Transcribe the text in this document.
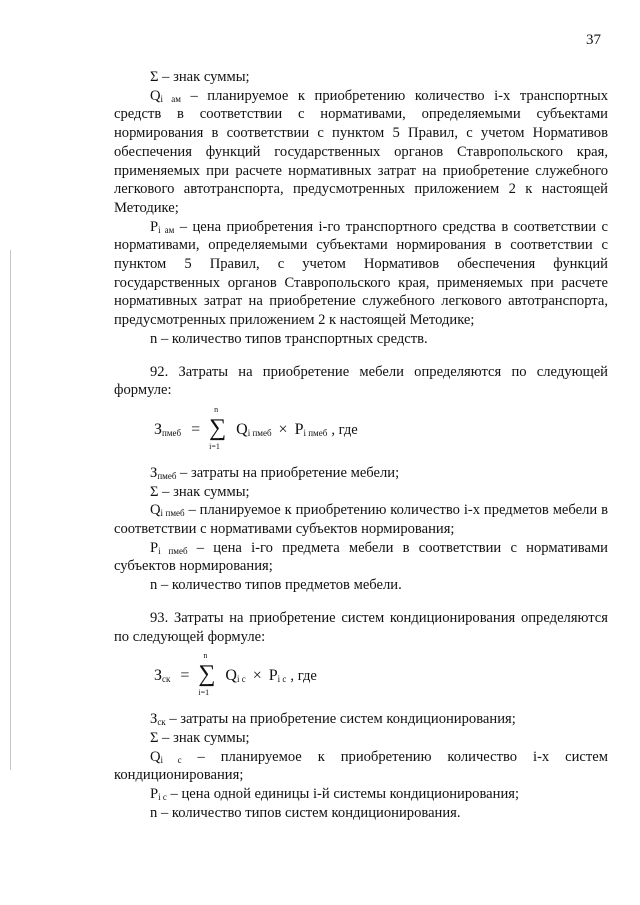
37

Σ – знак суммы;

$Q_{i ам}$ – планируемое к приобретению количество i-х транспортных средств в соответствии с нормативами, определяемыми субъектами нормирования в соответствии с пунктом 5 Правил, с учетом Нормативов обеспечения функций государственных органов Ставропольского края, применяемых при расчете нормативных затрат на приобретение служебного легкового автотранспорта, предусмотренных приложением 2 к настоящей Методике;

$P_{i ам}$ – цена приобретения i-го транспортного средства в соответствии с нормативами, определяемыми субъектами нормирования в соответствии с пунктом 5 Правил, с учетом Нормативов обеспечения функций государственных органов Ставропольского края, применяемых при расчете нормативных затрат на приобретение служебного легкового автотранспорта, предусмотренных приложением 2 к настоящей Методике;

n – количество типов транспортных средств.

92. Затраты на приобретение мебели определяются по следующей формуле:

$З_{пмеб}$ =
n
∑
i=1
$Q_{i пмеб} \times P_{i пмеб}$ , где

$З_{пмеб}$ – затраты на приобретение мебели;

Σ – знак суммы;

$Q_{i пмеб}$ – планируемое к приобретению количество i-х предметов мебели в соответствии с нормативами субъектов нормирования;

$P_{i пмеб}$ – цена i-го предмета мебели в соответствии с нормативами субъектов нормирования;

n – количество типов предметов мебели.

93. Затраты на приобретение систем кондиционирования определяются по следующей формуле:

$З_{ск}$ =
n
∑
i=1
$Q_{i с} \times P_{i с}$ , где

$З_{ск}$ – затраты на приобретение систем кондиционирования;

Σ – знак суммы;

$Q_{i с}$ – планируемое к приобретению количество i-х систем кондиционирования;

$P_{i с}$ – цена одной единицы i-й системы кондиционирования;

n – количество типов систем кондиционирования.
